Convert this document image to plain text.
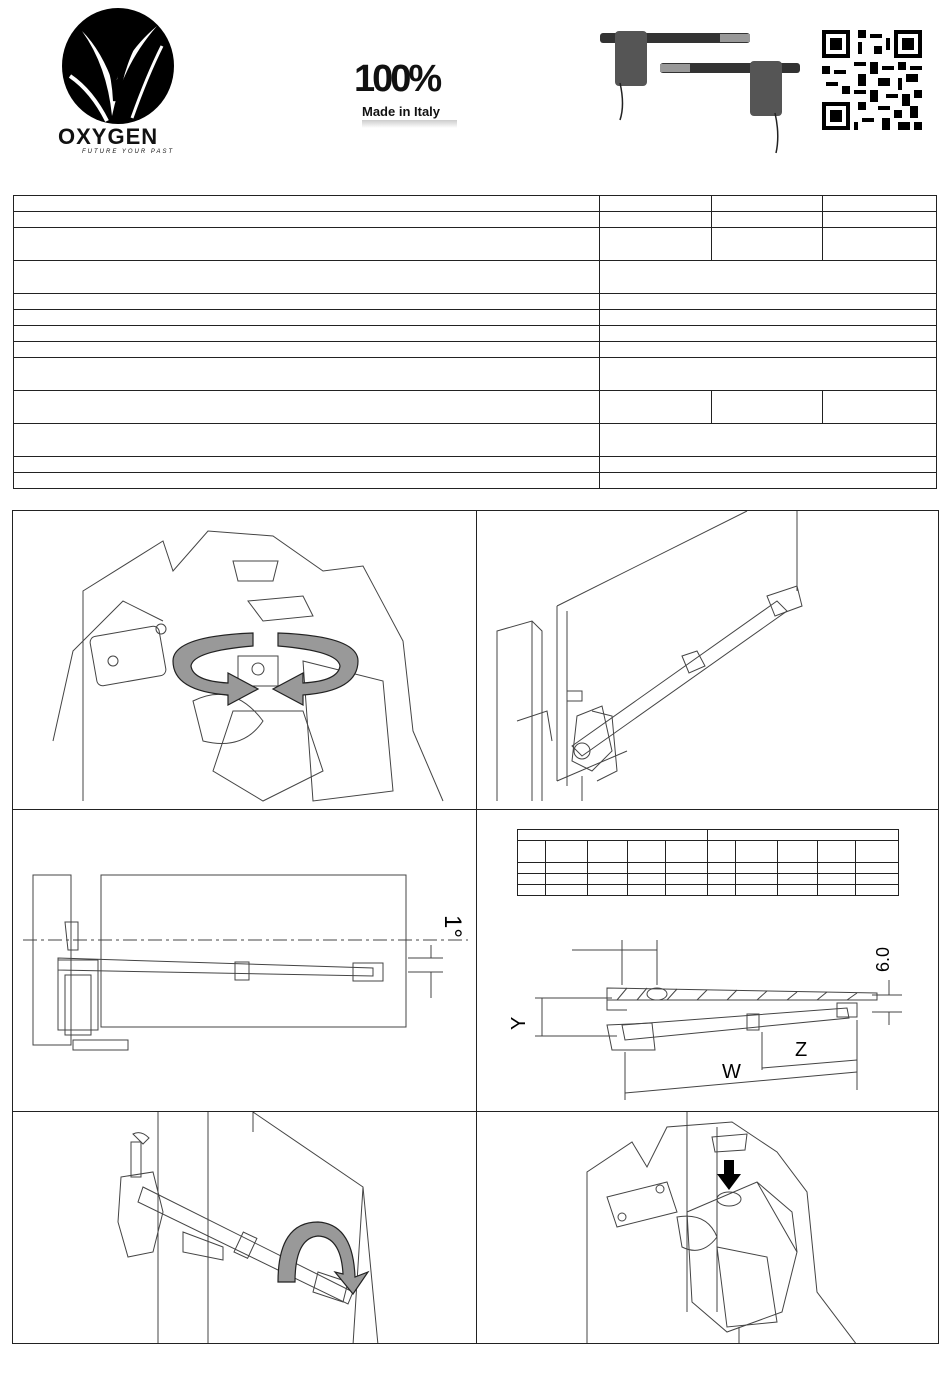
OXYGEN
FUTURE YOUR PAST
100%
Made in Italy

1°

Y
Z
W
6.0
